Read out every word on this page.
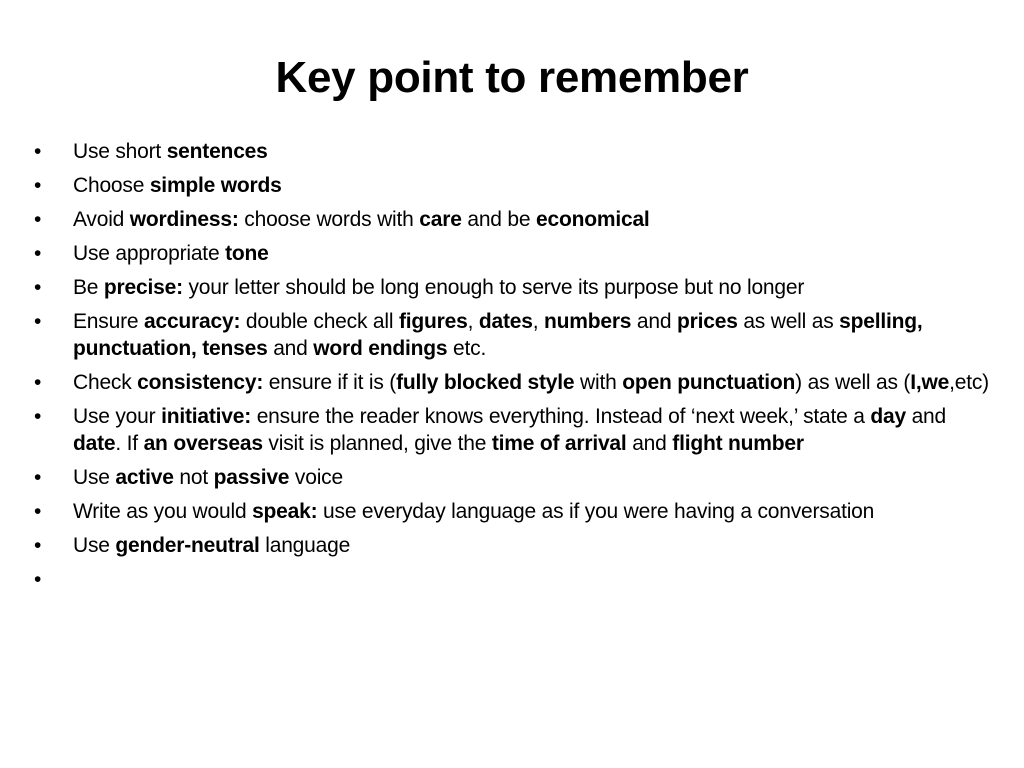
Key point to remember
•	Use short sentences
•	Choose simple words
•	Avoid wordiness: choose words with care and be economical
•	Use appropriate tone
•	Be precise: your letter should be long enough to serve its purpose but no longer
•	Ensure accuracy: double check all figures, dates, numbers and prices as well as spelling, punctuation, tenses and word endings etc.
•	Check consistency: ensure if it is (fully blocked style with open punctuation) as well as (I,we,etc)
•	Use your initiative: ensure the reader knows everything. Instead of ‘next week,’ state a day and date. If an overseas visit is planned, give the time of arrival and flight number
•	Use active not passive voice
•	Write as you would speak: use everyday language as if you were having a conversation
•	Use gender-neutral language
•
